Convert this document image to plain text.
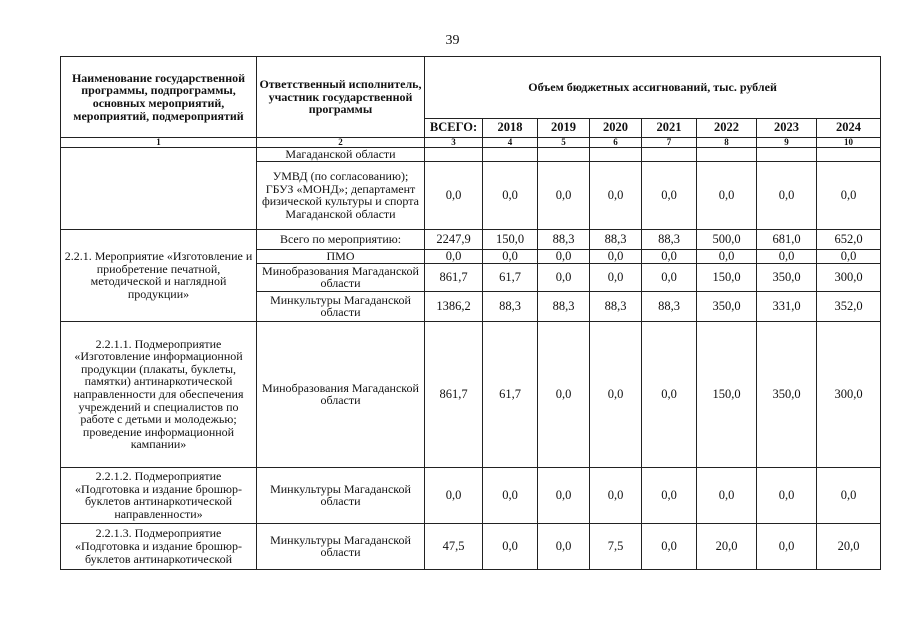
39
Наименование государственной программы, подпрограммы, основных мероприятий, мероприятий, подмероприятий	Ответственный исполнитель, участник государственной программы	Объем бюджетных ассигнований, тыс. рублей							
		ВСЕГО:	2018	2019	2020	2021	2022	2023	2024
1	2	3	4	5	6	7	8	9	10
	Магаданской области								
	УМВД (по согласованию); ГБУЗ «МОНД»; департамент физической культуры и спорта Магаданской области	0,0	0,0	0,0	0,0	0,0	0,0	0,0	0,0
2.2.1. Мероприятие «Изготовление и приобретение печатной, методической и наглядной продукции»	Всего по мероприятию:	2247,9	150,0	88,3	88,3	88,3	500,0	681,0	652,0
	ПМО	0,0	0,0	0,0	0,0	0,0	0,0	0,0	0,0
	Минобразования Магаданской области	861,7	61,7	0,0	0,0	0,0	150,0	350,0	300,0
	Минкультуры Магаданской области	1386,2	88,3	88,3	88,3	88,3	350,0	331,0	352,0
2.2.1.1. Подмероприятие «Изготовление информационной продукции (плакаты, буклеты, памятки) антинаркотической направленности для обеспечения учреждений и специалистов по работе с детьми и молодежью; проведение информационной кампании»	Минобразования Магаданской области	861,7	61,7	0,0	0,0	0,0	150,0	350,0	300,0
2.2.1.2. Подмероприятие «Подготовка и издание брошюр-буклетов антинаркотической направленности»	Минкультуры Магаданской области	0,0	0,0	0,0	0,0	0,0	0,0	0,0	0,0
2.2.1.3. Подмероприятие «Подготовка и издание брошюр-буклетов антинаркотической	Минкультуры Магаданской области	47,5	0,0	0,0	7,5	0,0	20,0	0,0	20,0
